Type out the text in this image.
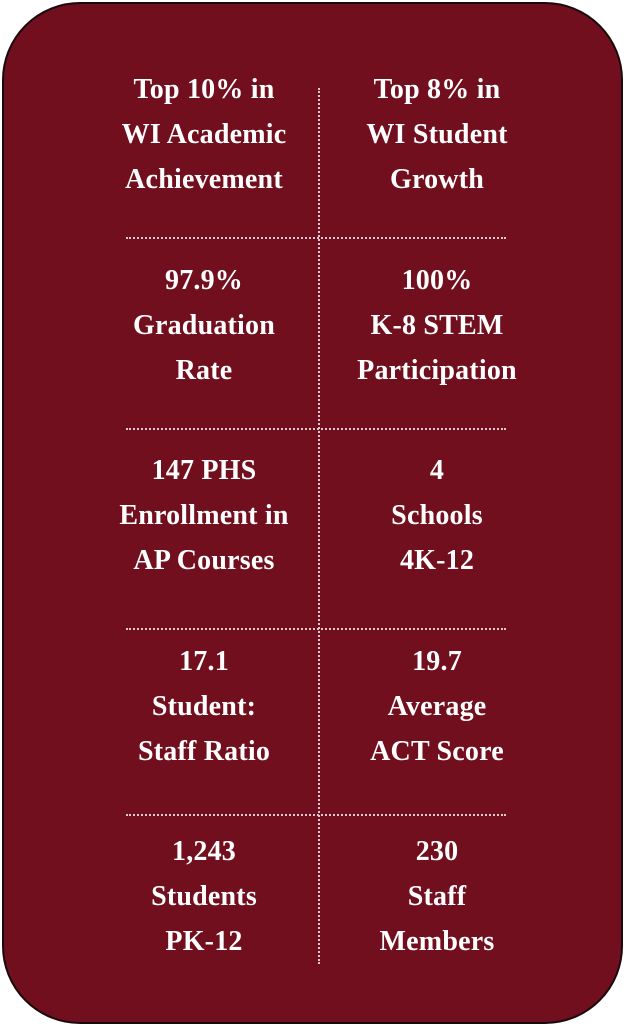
Top 10% in
WI Academic
Achievement
Top 8% in
WI Student
Growth
97.9%
Graduation
Rate
100%
K-8 STEM
Participation
147 PHS
Enrollment in
AP Courses
4
Schools
4K-12
17.1
Student:
Staff Ratio
19.7
Average
ACT Score
1,243
Students
PK-12
230
Staff
Members
